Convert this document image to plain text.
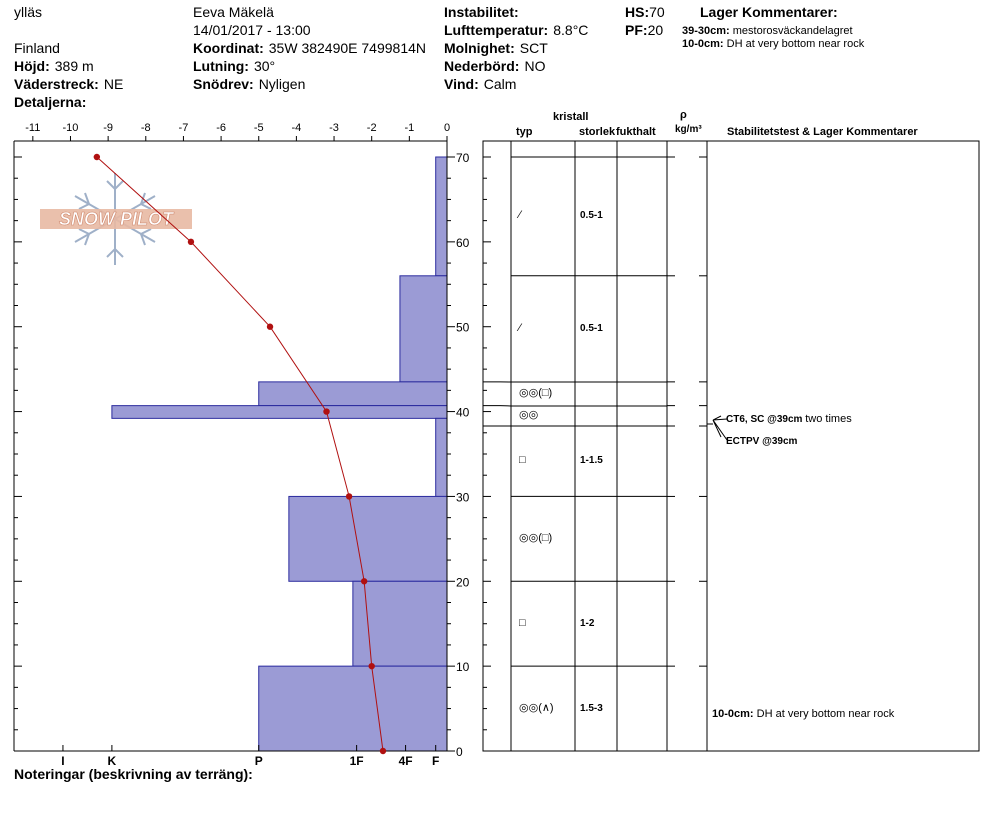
ylläs
Finland
Höjd: 389 m
Väderstreck: NE
Detaljerna:
Eeva Mäkelä
14/01/2017 - 13:00
Koordinat: 35W 382490E 7499814N
Lutning: 30°
Snödrev: Nyligen
Instabilitet:
Lufttemperatur: 8.8°C
Molnighet: SCT
Nederbörd: NO
Vind: Calm
HS:70
PF:20
Lager Kommentarer:
39-30cm: mestorosväckandelagret
10-0cm: DH at very bottom near rock
kristall
typ	storlek fukthalt
ρ
kg/m³ Stabilitetstest & Lager Kommentarer
SNOW PILOT
-11 -10 -9	-8	-7	-6	-5	-4	-3	-2	-1	0
0
10
20
30
40
50
60
70
I	K	P	1F	4F F
⁄	0.5-1
⁄	0.5-1
◎◎(□)
◎◎
□	1-1.5
◎◎(□)
□	1-2
◎◎(∧)	1.5-3
CT6, SC @39cm two times
ECTPV @39cm
10-0cm: DH at very bottom near rock
Noteringar (beskrivning av terräng):
